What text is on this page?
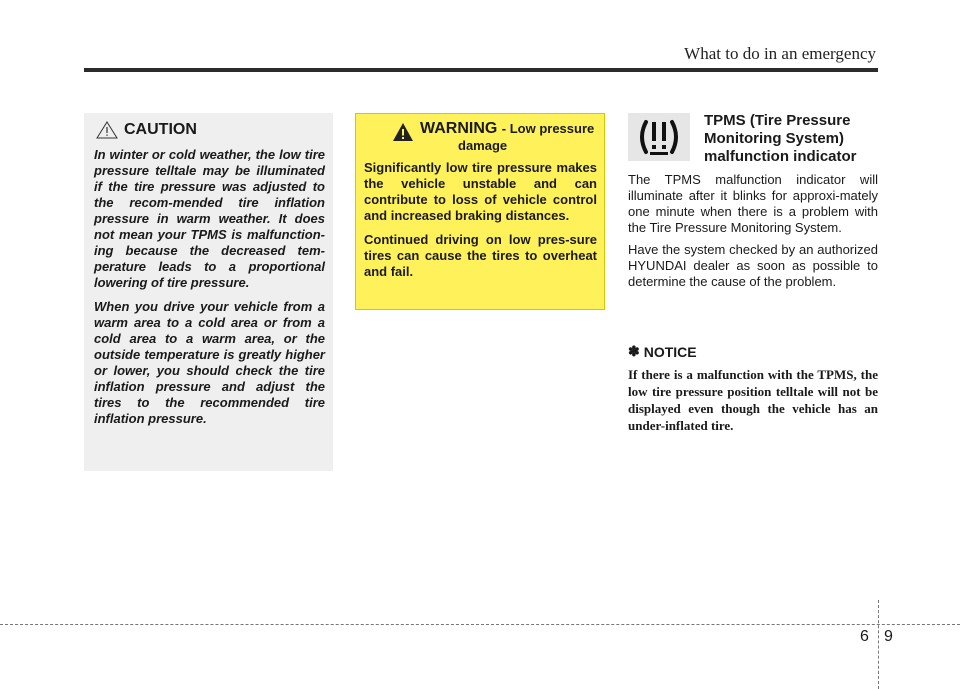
What to do in an emergency
CAUTION

In winter or cold weather, the low tire pressure telltale may be illuminated if the tire pressure was adjusted to the recom-mended tire inflation pressure in warm weather. It does not mean your TPMS is malfunction-ing because the decreased tem-perature leads to a proportional lowering of tire pressure.

When you drive your vehicle from a warm area to a cold area or from a cold area to a warm area, or the outside temperature is greatly higher or lower, you should check the tire inflation pressure and adjust the tires to the recommended tire inflation pressure.

WARNING - Low pressure
damage

Significantly low tire pressure makes the vehicle unstable and can contribute to loss of vehicle control and increased braking distances.

Continued driving on low pres-sure tires can cause the tires to overheat and fail.

TPMS (Tire Pressure Monitoring System) malfunction indicator

The TPMS malfunction indicator will illuminate after it blinks for approxi-mately one minute when there is a problem with the Tire Pressure Monitoring System.

Have the system checked by an authorized HYUNDAI dealer as soon as possible to determine the cause of the problem.

✽ NOTICE

If there is a malfunction with the TPMS, the low tire pressure position telltale will not be displayed even though the vehicle has an under-inflated tire.

6 9
